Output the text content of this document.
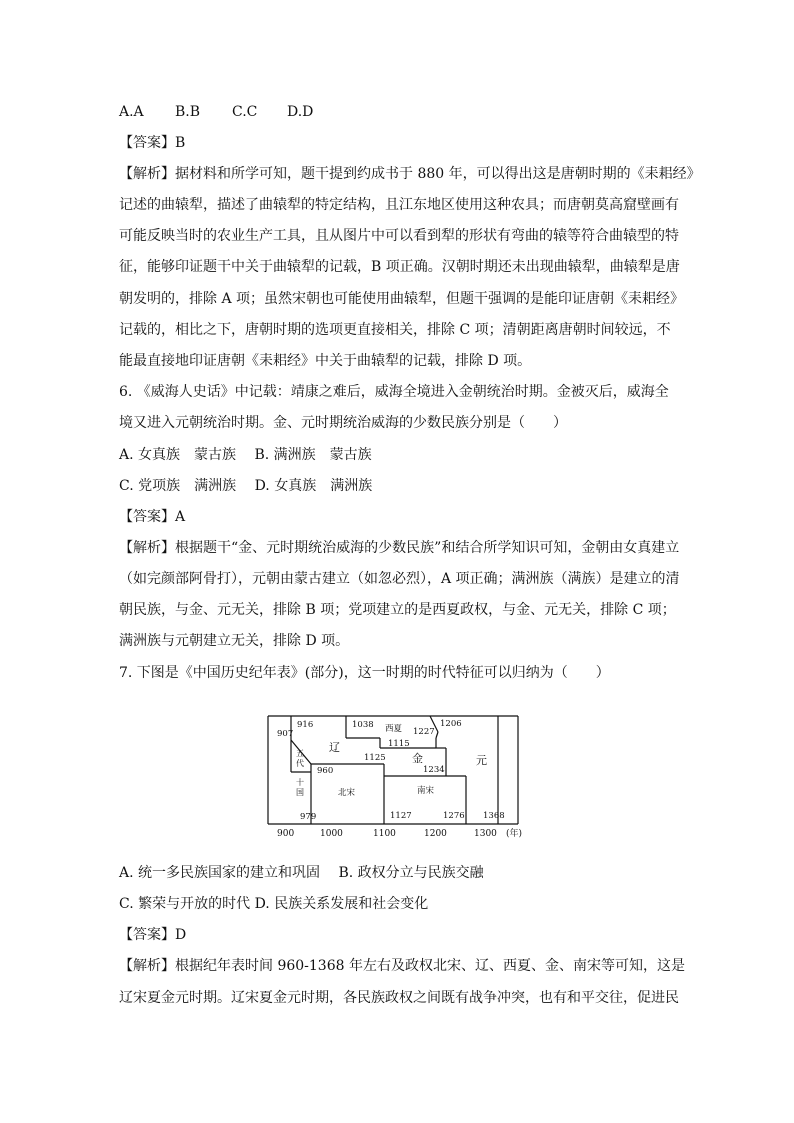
A.A B.B C.C D.D
【答案】B
【解析】据材料和所学可知，题干提到约成书于 880 年，可以得出这是唐朝时期的《耒耜经》
记述的曲辕犁，描述了曲辕犁的特定结构，且江东地区使用这种农具；而唐朝莫高窟壁画有
可能反映当时的农业生产工具，且从图片中可以看到犁的形状有弯曲的辕等符合曲辕型的特
征，能够印证题干中关于曲辕犁的记载，B 项正确。汉朝时期还未出现曲辕犁，曲辕犁是唐
朝发明的，排除 A 项；虽然宋朝也可能使用曲辕犁，但题干强调的是能印证唐朝《耒耜经》
记载的，相比之下，唐朝时期的选项更直接相关，排除 C 项；清朝距离唐朝时间较远，不
能最直接地印证唐朝《耒耜经》中关于曲辕犁的记载，排除 D 项。
6. 《威海人史话》中记载：靖康之难后，威海全境进入金朝统治时期。金被灭后，威海全
境又进入元朝统治时期。金、元时期统治威海的少数民族分别是（　　）
A. 女真族　蒙古族　 B. 满洲族　蒙古族
C. 党项族　满洲族　 D. 女真族　满洲族
【答案】A
【解析】根据题干“金、元时期统治威海的少数民族”和结合所学知识可知，金朝由女真建立
（如完颜部阿骨打），元朝由蒙古建立（如忽必烈），A 项正确；满洲族（满族）是建立的清
朝民族，与金、元无关，排除 B 项；党项建立的是西夏政权，与金、元无关，排除 C 项；
满洲族与元朝建立无关，排除 D 项。
7. 下图是《中国历史纪年表》(部分)，这一时期的时代特征可以归纳为（　　）
916
907
1038	1206
1227
1115
1125
960	1234
979	1127	1276 1368
辽
金	元
西夏
北宋	南宋
五代
十国
900	1000	1100	1200	1300 (年)
A. 统一多民族国家的建立和巩固　 B. 政权分立与民族交融
C. 繁荣与开放的时代 D. 民族关系发展和社会变化
【答案】D
【解析】根据纪年表时间 960-1368 年左右及政权北宋、辽、西夏、金、南宋等可知，这是
辽宋夏金元时期。辽宋夏金元时期，各民族政权之间既有战争冲突，也有和平交往，促进民
